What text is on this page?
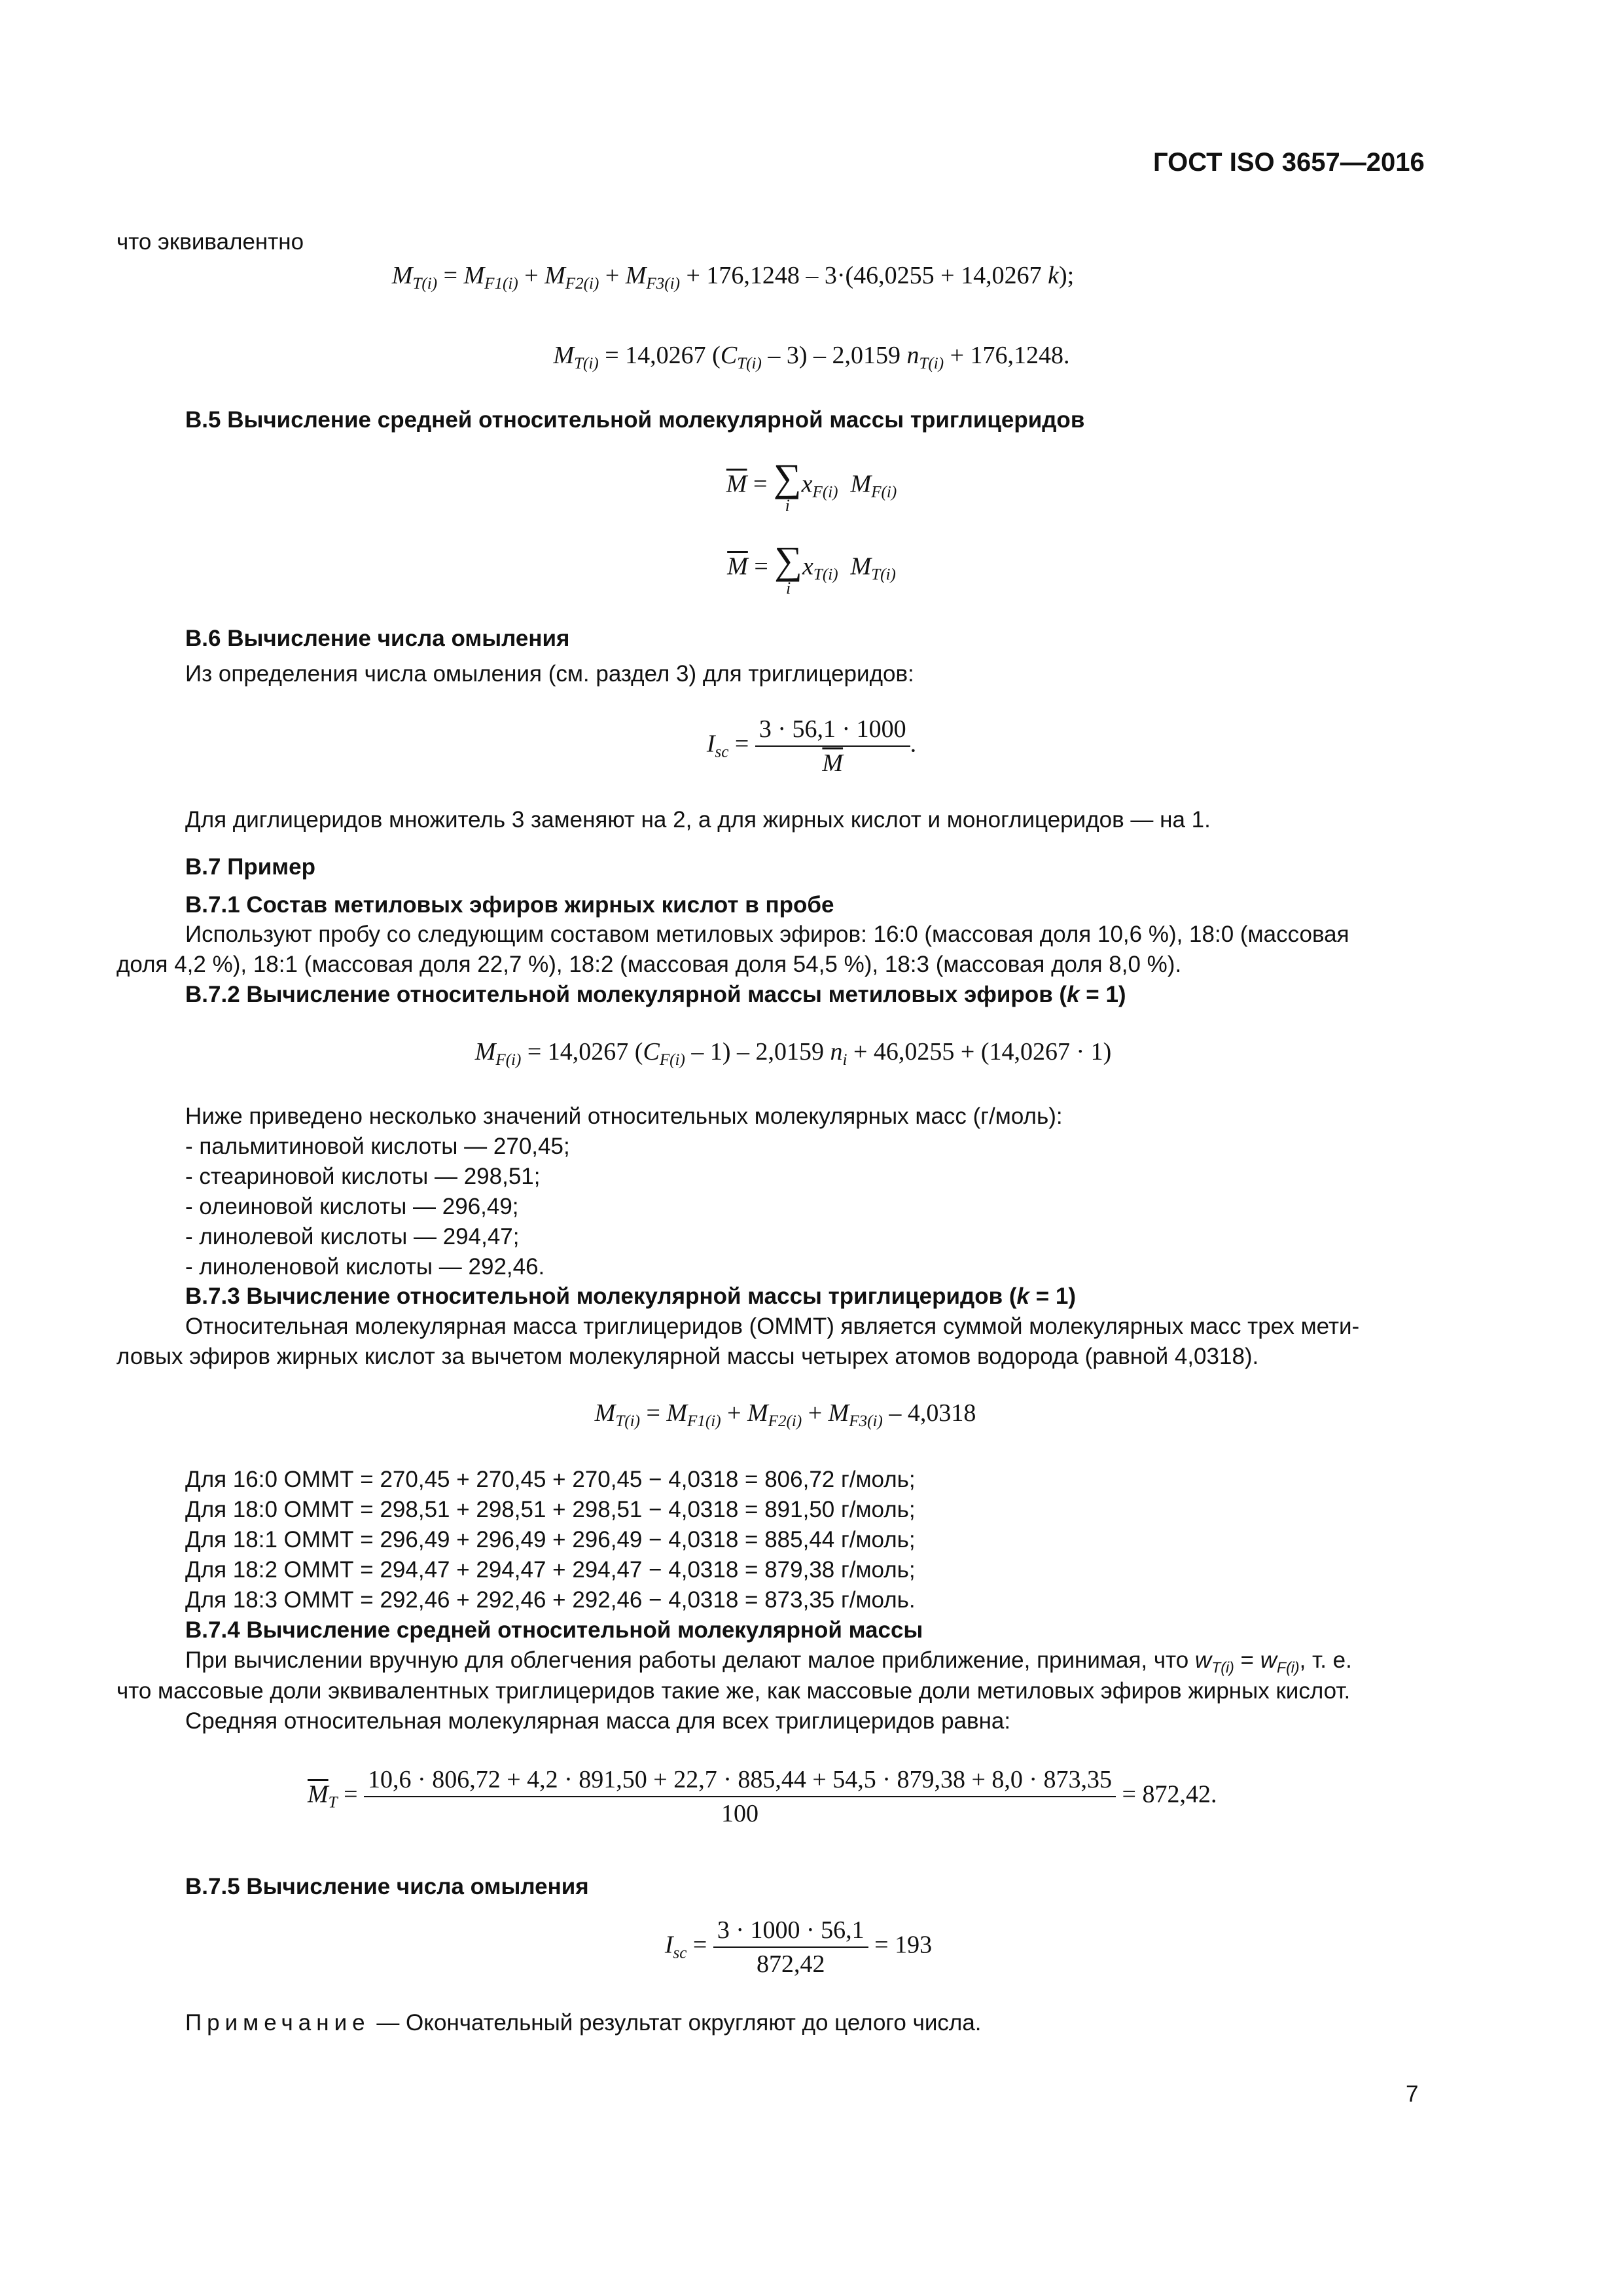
ГОСТ ISO 3657—2016
что эквивалентно
$M_{T(i)} = M_{F1(i)} + M_{F2(i)} + M_{F3(i)} + 176,1248 - 3\cdot(46,0255 + 14,0267$ k);
$M_{T(i)} = 14,0267$ $(C_{T(i)} - 3) - 2,0159$ $n_{T(i)} + 176,1248$.
В.5 Вычисление средней относительной молекулярной массы триглицеридов
$\overline{M}$ = ∑
i
$x_{F(i)}$ $M_{F(i)}$
$\overline{M}$ = ∑
i
$x_{T(i)}$ $M_{T(i)}$
В.6 Вычисление числа омыления
Из определения числа омыления (см. раздел 3) для триглицеридов:
$I_{sc} = \frac{3 \cdot 56,1 \cdot 1000}{M}$ .
Для диглицеридов множитель 3 заменяют на 2, а для жирных кислот и моноглицеридов — на 1.
В.7 Пример
В.7.1 Состав метиловых эфиров жирных кислот в пробе
Используют пробу со следующим составом метиловых эфиров: 16:0 (массовая доля 10,6 %), 18:0 (массовая
доля 4,2 %), 18:1 (массовая доля 22,7 %), 18:2 (массовая доля 54,5 %), 18:3 (массовая доля 8,0 %).
В.7.2 Вычисление относительной молекулярной массы метиловых эфиров (k = 1)
$M_{F(i)} = 14,0267$ $(C_{F(i)} - 1) - 2,0159$ $n_i + 46,0255 + (14,0267 \cdot 1)$
Ниже приведено несколько значений относительных молекулярных масс (г/моль):
- пальмитиновой кислоты — 270,45;
- стеариновой кислоты — 298,51;
- олеиновой кислоты — 296,49;
- линолевой кислоты — 294,47;
- линоленовой кислоты — 292,46.
В.7.3 Вычисление относительной молекулярной массы триглицеридов (k = 1)
Относительная молекулярная масса триглицеридов (ОММТ) является суммой молекулярных масс трех мети-
ловых эфиров жирных кислот за вычетом молекулярной массы четырех атомов водорода (равной 4,0318).
$M_{T(i)} = M_{F1(i)} + M_{F2(i)} + M_{F3(i)} - 4,0318$
Для 16:0 ОММТ = 270,45 + 270,45 + 270,45 − 4,0318 = 806,72 г/моль;
Для 18:0 ОММТ = 298,51 + 298,51 + 298,51 − 4,0318 = 891,50 г/моль;
Для 18:1 ОММТ = 296,49 + 296,49 + 296,49 − 4,0318 = 885,44 г/моль;
Для 18:2 ОММТ = 294,47 + 294,47 + 294,47 − 4,0318 = 879,38 г/моль;
Для 18:3 ОММТ = 292,46 + 292,46 + 292,46 − 4,0318 = 873,35 г/моль.
В.7.4 Вычисление средней относительной молекулярной массы
При вычислении вручную для облегчения работы делают малое приближение, принимая, что $w_{T(i)} = w_{F(i)}$, т. е.
что массовые доли эквивалентных триглицеридов такие же, как массовые доли метиловых эфиров жирных кислот.
Средняя относительная молекулярная масса для всех триглицеридов равна:
$\overline{M}_T$ =
10,6 · 806,72 + 4,2 · 891,50 + 22,7 · 885,44 + 54,5 · 879,38 + 8,0 · 873,35
100
= 872,42.
В.7.5 Вычисление числа омыления
$I_{sc} = \frac{3 \cdot 1000 \cdot 56,1}{872,42} = 193$
Примечание — Окончательный результат округляют до целого числа.
7
